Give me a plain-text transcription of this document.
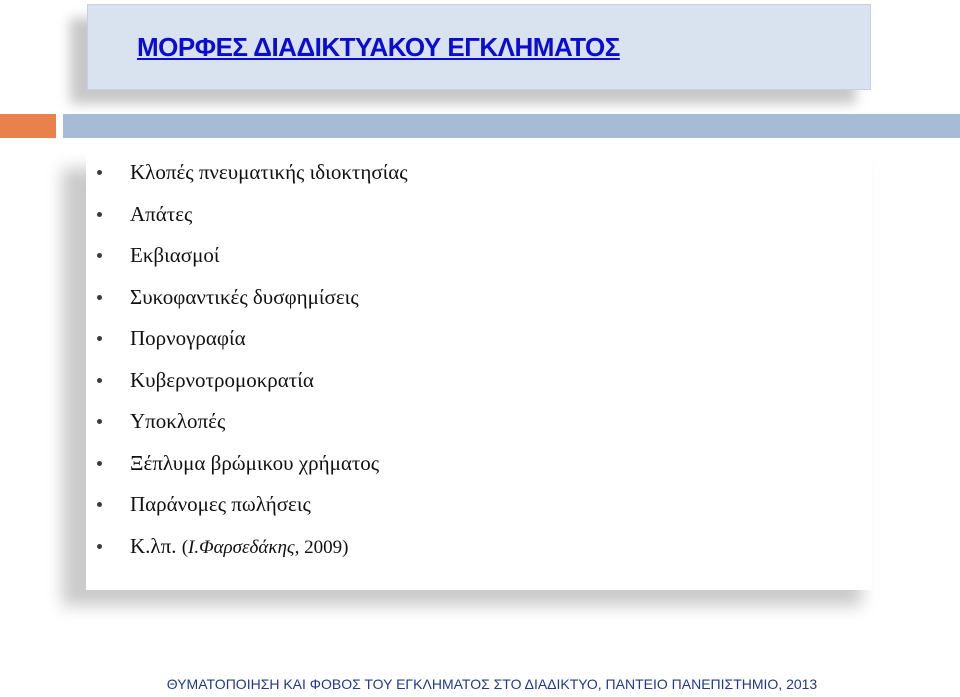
ΜΟΡΦΕΣ ΔΙΑΔΙΚΤΥΑΚΟΥ ΕΓΚΛΗΜΑΤΟΣ
Κλοπές πνευματικής ιδιοκτησίας
Απάτες
Εκβιασμοί
Συκοφαντικές δυσφημίσεις
Πορνογραφία
Κυβερνοτρομοκρατία
Υποκλοπές
Ξέπλυμα βρώμικου χρήματος
Παράνομες πωλήσεις
Κ.λπ. (Ι.Φαρσεδάκης, 2009)
ΘΥΜΑΤΟΠΟΙΗΣΗ ΚΑΙ ΦΟΒΟΣ ΤΟΥ ΕΓΚΛΗΜΑΤΟΣ ΣΤΟ ΔΙΑΔΙΚΤΥΟ, ΠΑΝΤΕΙΟ ΠΑΝΕΠΙΣΤΗΜΙΟ, 2013
